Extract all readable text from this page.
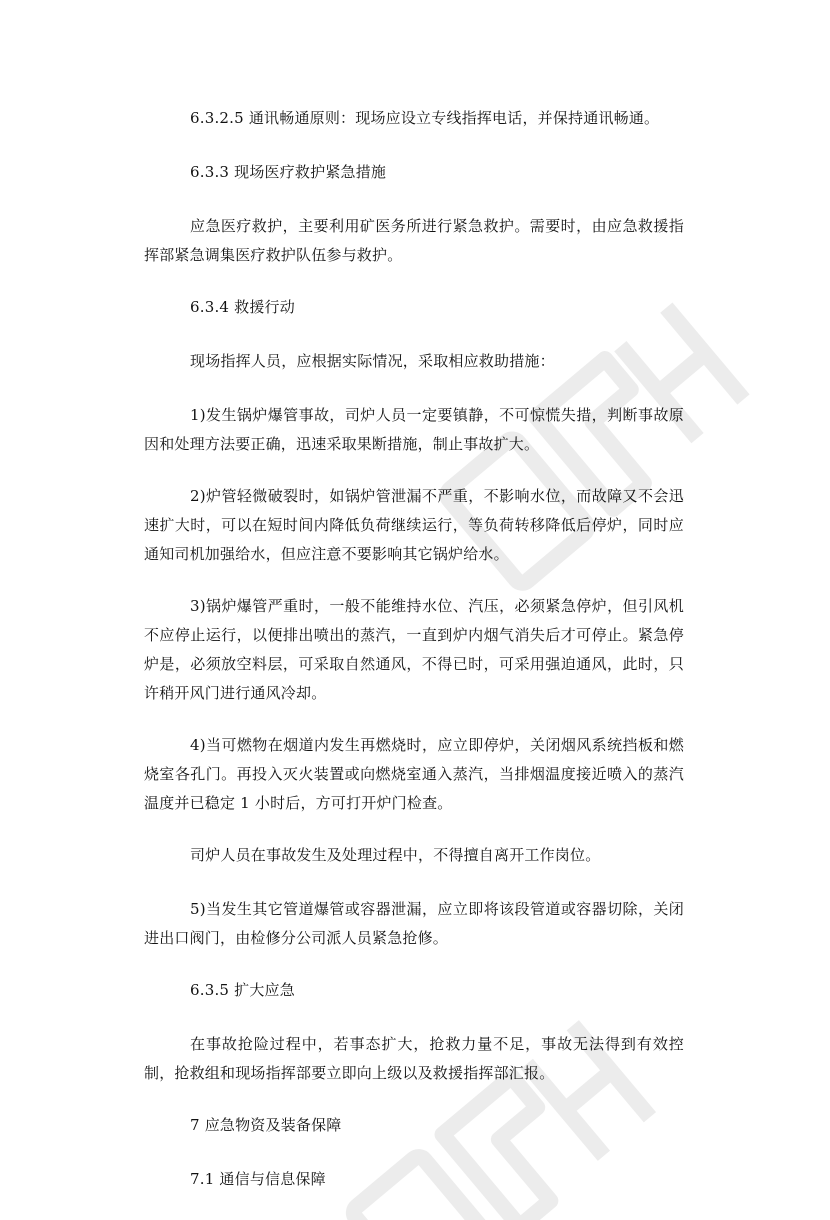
6.3.2.5 通讯畅通原则：现场应设立专线指挥电话，并保持通讯畅通。

6.3.3 现场医疗救护紧急措施

应急医疗救护，主要利用矿医务所进行紧急救护。需要时，由应急救援指挥部紧急调集医疗救护队伍参与救护。

6.3.4 救援行动

现场指挥人员，应根据实际情况，采取相应救助措施：

1)发生锅炉爆管事故，司炉人员一定要镇静，不可惊慌失措，判断事故原因和处理方法要正确，迅速采取果断措施，制止事故扩大。

2)炉管轻微破裂时，如锅炉管泄漏不严重，不影响水位，而故障又不会迅速扩大时，可以在短时间内降低负荷继续运行，等负荷转移降低后停炉，同时应通知司机加强给水，但应注意不要影响其它锅炉给水。

3)锅炉爆管严重时，一般不能维持水位、汽压，必须紧急停炉，但引风机不应停止运行，以便排出喷出的蒸汽，一直到炉内烟气消失后才可停止。紧急停炉是，必须放空料层，可采取自然通风，不得已时，可采用强迫通风，此时，只许稍开风门进行通风冷却。

4)当可燃物在烟道内发生再燃烧时，应立即停炉，关闭烟风系统挡板和燃烧室各孔门。再投入灭火装置或向燃烧室通入蒸汽，当排烟温度接近喷入的蒸汽温度并已稳定 1 小时后，方可打开炉门检查。

司炉人员在事故发生及处理过程中，不得擅自离开工作岗位。

5)当发生其它管道爆管或容器泄漏，应立即将该段管道或容器切除，关闭进出口阀门，由检修分公司派人员紧急抢修。

6.3.5 扩大应急

在事故抢险过程中，若事态扩大，抢救力量不足，事故无法得到有效控制，抢救组和现场指挥部要立即向上级以及救援指挥部汇报。

7 应急物资及装备保障

7.1 通信与信息保障
